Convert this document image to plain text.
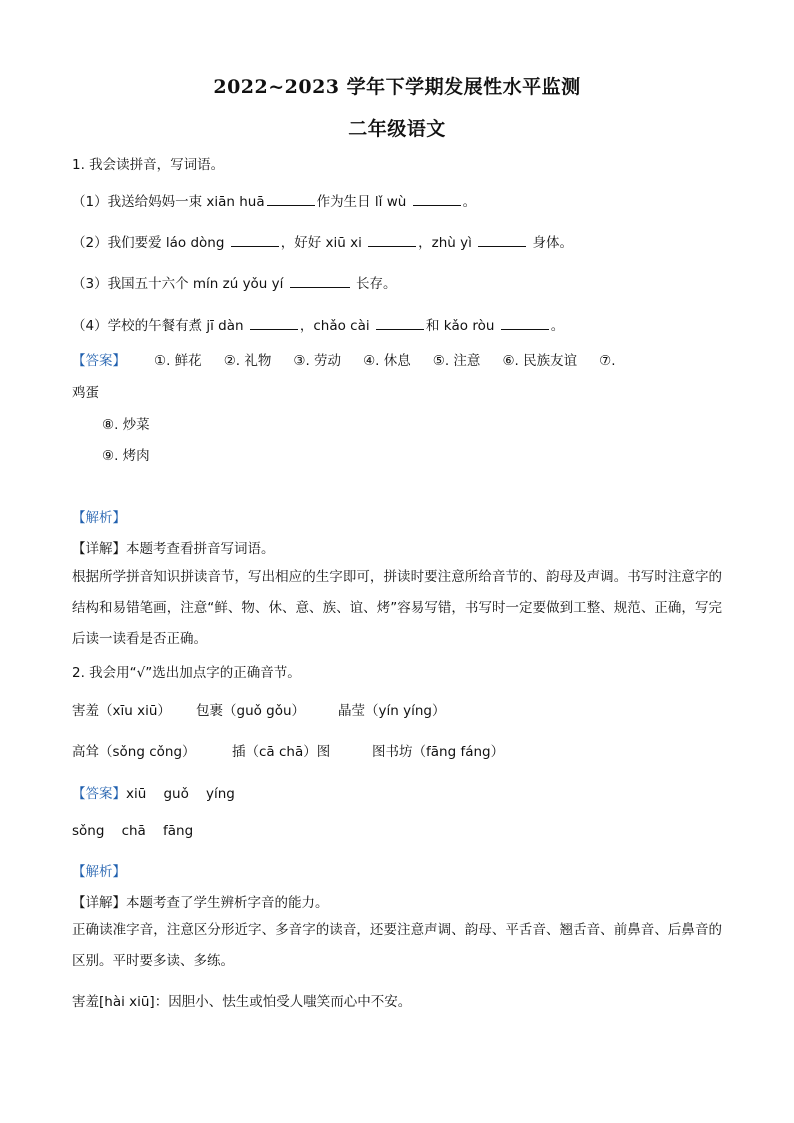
2022~2023 学年下学期发展性水平监测
二年级语文
1. 我会读拼音，写词语。
（1）我送给妈妈一束 xiān huā	作为生日 lǐ wù	。
（2）我们要爱 láo dòng	，好好 xiū xi	，zhù yì	身体。
（3）我国五十六个 mín zú yǒu yí	长存。
（4）学校的午餐有煮 jī dàn	，chǎo cài	和 kǎo ròu	。
【答案】 ①. 鲜花 ②. 礼物 ③. 劳动 ④. 休息 ⑤. 注意 ⑥. 民族友谊 ⑦.
鸡蛋
⑧. 炒菜
⑨. 烤肉
【解析】
【详解】本题考查看拼音写词语。
根据所学拼音知识拼读音节，写出相应的生字即可，拼读时要注意所给音节的、韵母及声调。书写时注意字的结构和易错笔画，注意“鲜、物、休、意、族、谊、烤”容易写错，书写时一定要做到工整、规范、正确，写完后读一读看是否正确。
2. 我会用“√”选出加点字的正确音节。
害羞（xīu xiū） 包裹（guǒ gǒu） 晶莹（yín yíng）
高耸（sǒng cǒng）	插（cā chā）图	图书坊（fāng fáng）
【答案】xiū    guǒ    yíng
sǒng    chā    fāng
【解析】
【详解】本题考查了学生辨析字音的能力。
正确读准字音，注意区分形近字、多音字的读音，还要注意声调、韵母、平舌音、翘舌音、前鼻音、后鼻音的区别。平时要多读、多练。
害羞[hài xiū]：因胆小、怯生或怕受人嗤笑而心中不安。
